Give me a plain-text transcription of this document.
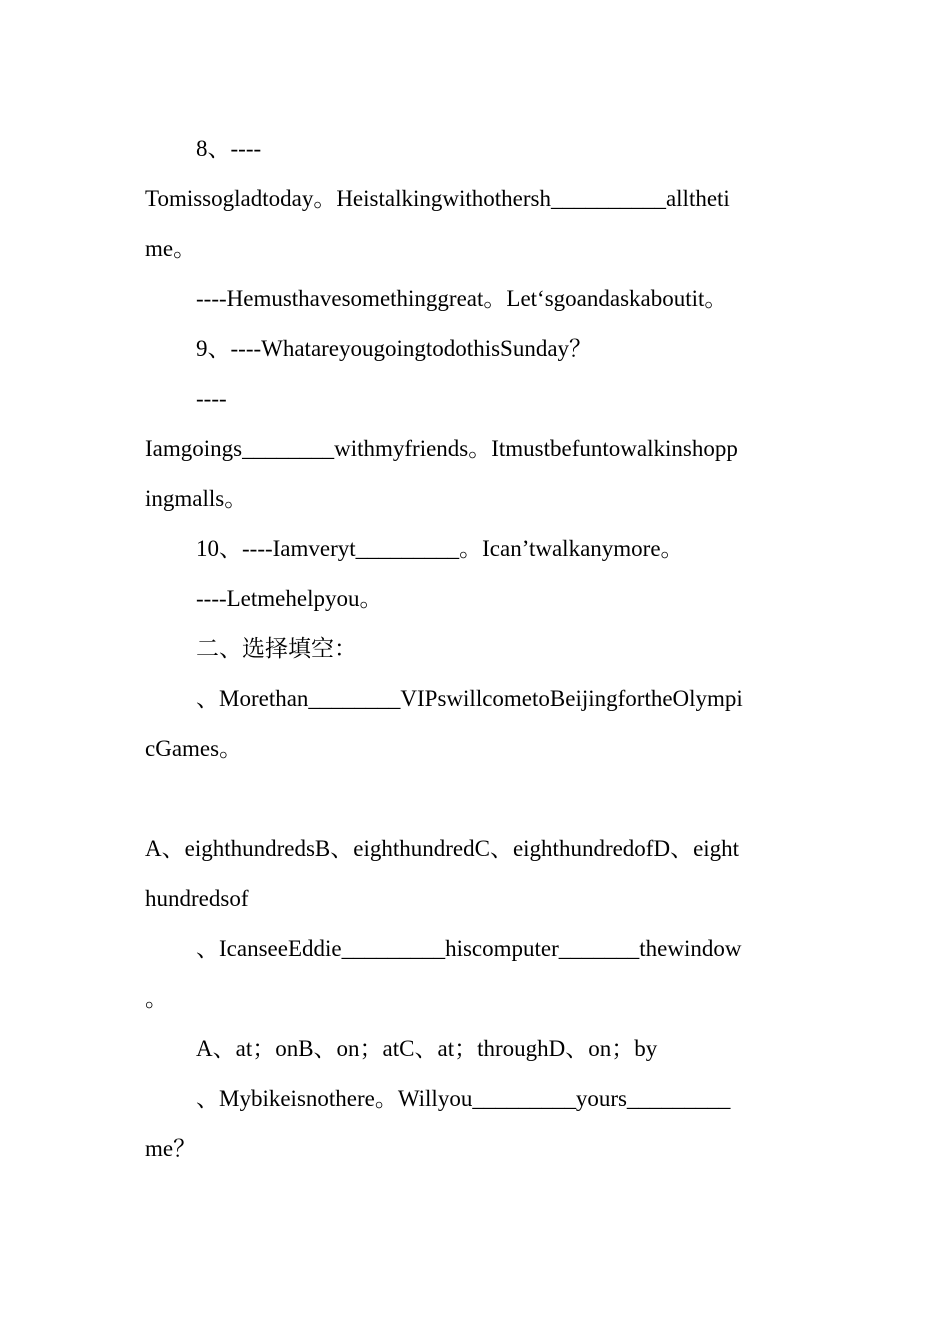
8、----
Tomissogladtoday。Heistalkingwithothersh__________alltheti
me。
----Hemusthavesomethinggreat。Let‘sgoandaskaboutit。
9、----WhatareyougoingtodothisSunday？
----
Iamgoings________withmyfriends。Itmustbefuntowalkinshopp
ingmalls。
10、----Iamveryt_________。Ican’twalkanymore。
----Letmehelpyou。
二、选择填空：
、Morethan________VIPswillcometoBeijingfortheOlympi
cGames。
A、eighthundredsB、eighthundredC、eighthundredofD、eight
hundredsof
、IcanseeEddie_________hiscomputer_______thewindow
。
A、at；onB、on；atC、at；throughD、on；by
、Mybikeisnothere。Willyou_________yours_________
me？
